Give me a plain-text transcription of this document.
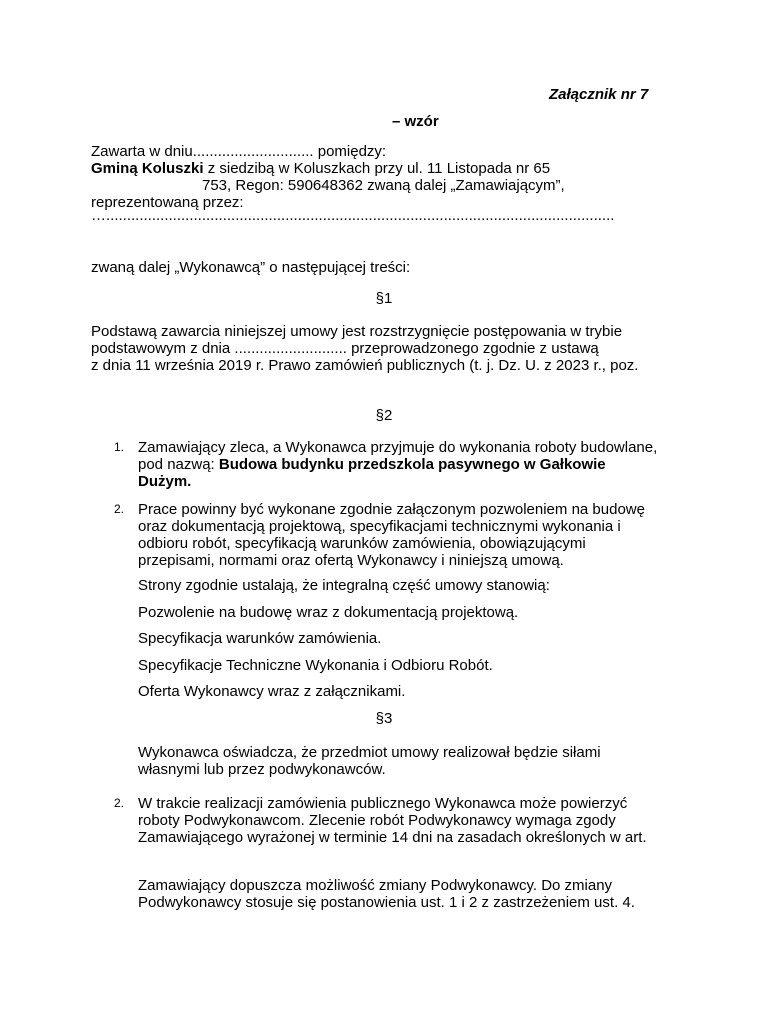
Załącznik nr 7
– wzór
Zawarta w dniu............................. pomiędzy:
Gminą Koluszki z siedzibą w Koluszkach przy ul. 11 Listopada nr 65
753, Regon: 590648362 zwaną dalej „Zamawiającym”,
reprezentowaną przez:
…..........................................................................................................................
zwaną dalej „Wykonawcą” o następującej treści:
§1
Podstawą zawarcia niniejszej umowy jest rozstrzygnięcie postępowania w trybie
podstawowym z dnia ........................... przeprowadzonego zgodnie z ustawą
z dnia 11 września 2019 r. Prawo zamówień publicznych (t. j. Dz. U. z 2023 r., poz.
§2
1. Zamawiający zleca, a Wykonawca przyjmuje do wykonania roboty budowlane,
pod nazwą: Budowa budynku przedszkola pasywnego w Gałkowie
Dużym.
2. Prace powinny być wykonane zgodnie załączonym pozwoleniem na budowę
oraz dokumentacją projektową, specyfikacjami technicznymi wykonania i
odbioru robót, specyfikacją warunków zamówienia, obowiązującymi
przepisami, normami oraz ofertą Wykonawcy i niniejszą umową.
Strony zgodnie ustalają, że integralną część umowy stanowią:
Pozwolenie na budowę wraz z dokumentacją projektową.
Specyfikacja warunków zamówienia.
Specyfikacje Techniczne Wykonania i Odbioru Robót.
Oferta Wykonawcy wraz z załącznikami.
§3
Wykonawca oświadcza, że przedmiot umowy realizował będzie siłami
własnymi lub przez podwykonawców.
2. W trakcie realizacji zamówienia publicznego Wykonawca może powierzyć
roboty Podwykonawcom. Zlecenie robót Podwykonawcy wymaga zgody
Zamawiającego wyrażonej w terminie 14 dni na zasadach określonych w art.
Zamawiający dopuszcza możliwość zmiany Podwykonawcy. Do zmiany
Podwykonawcy stosuje się postanowienia ust. 1 i 2 z zastrzeżeniem ust. 4.
